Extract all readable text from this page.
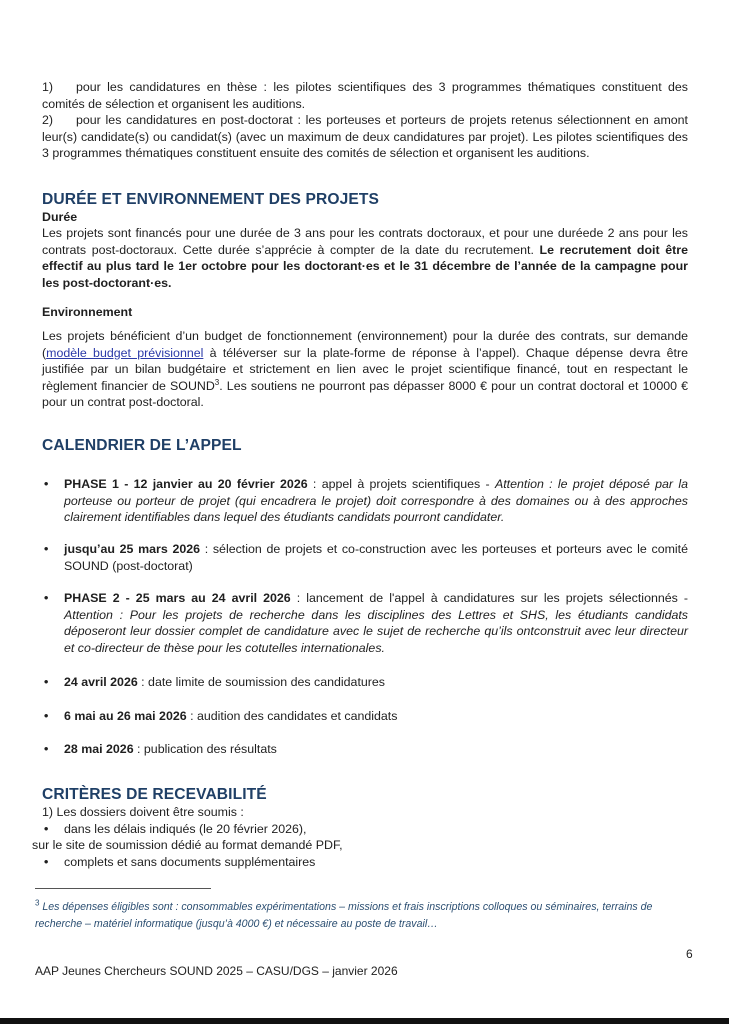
1) pour les candidatures en thèse : les pilotes scientifiques des 3 programmes thématiques constituent des comités de sélection et organisent les auditions.

2) pour les candidatures en post-doctorat : les porteuses et porteurs de projets retenus sélectionnent en amont leur(s) candidate(s) ou candidat(s) (avec un maximum de deux candidatures par projet). Les pilotes scientifiques des 3 programmes thématiques constituent ensuite des comités de sélection et organisent les auditions.

DURÉE ET ENVIRONNEMENT DES PROJETS
Durée

Les projets sont financés pour une durée de 3 ans pour les contrats doctoraux, et pour une duréede 2 ans pour les contrats post-doctoraux. Cette durée s’apprécie à compter de la date du recrutement. Le recrutement doit être effectif au plus tard le 1er octobre pour les doctorant·es et le 31 décembre de l’année de la campagne pour les post-doctorant·es.

Environnement

Les projets bénéficient d’un budget de fonctionnement (environnement) pour la durée des contrats, sur demande (modèle budget prévisionnel à téléverser sur la plate-forme de réponse à l’appel). Chaque dépense devra être justifiée par un bilan budgétaire et strictement en lien avec le projet scientifique financé, tout en respectant le règlement financier de SOUND$^3$. Les soutiens ne pourront pas dépasser 8000 € pour un contrat doctoral et 10000 € pour un contrat post-doctoral.

CALENDRIER DE L’APPEL

• PHASE 1 - 12 janvier au 20 février 2026 : appel à projets scientifiques - Attention : le projet déposé par la porteuse ou porteur de projet (qui encadrera le projet) doit correspondre à des domaines ou à des approches clairement identifiables dans lequel des étudiants candidats pourront candidater.

• jusqu’au 25 mars 2026 : sélection de projets et co-construction avec les porteuses et porteurs avec le comité SOUND (post-doctorat)

• PHASE 2 - 25 mars au 24 avril 2026 : lancement de l'appel à candidatures sur les projets sélectionnés - Attention : Pour les projets de recherche dans les disciplines des Lettres et SHS, les étudiants candidats déposeront leur dossier complet de candidature avec le sujet de recherche qu’ils ontconstruit avec leur directeur et co-directeur de thèse pour les cotutelles internationales.

• 24 avril 2026 : date limite de soumission des candidatures

• 6 mai au 26 mai 2026 : audition des candidates et candidats

• 28 mai 2026 : publication des résultats

CRITÈRES DE RECEVABILITÉ

1) Les dossiers doivent être soumis :

• dans les délais indiqués (le 20 février 2026),

sur le site de soumission dédié au format demandé PDF,

• complets et sans documents supplémentaires

$^3$ Les dépenses éligibles sont : consommables expérimentations – missions et frais inscriptions colloques ou séminaires, terrains de recherche – matériel informatique (jusqu’à 4000 €) et nécessaire au poste de travail…
6
AAP Jeunes Chercheurs SOUND 2025 – CASU/DGS – janvier 2026
